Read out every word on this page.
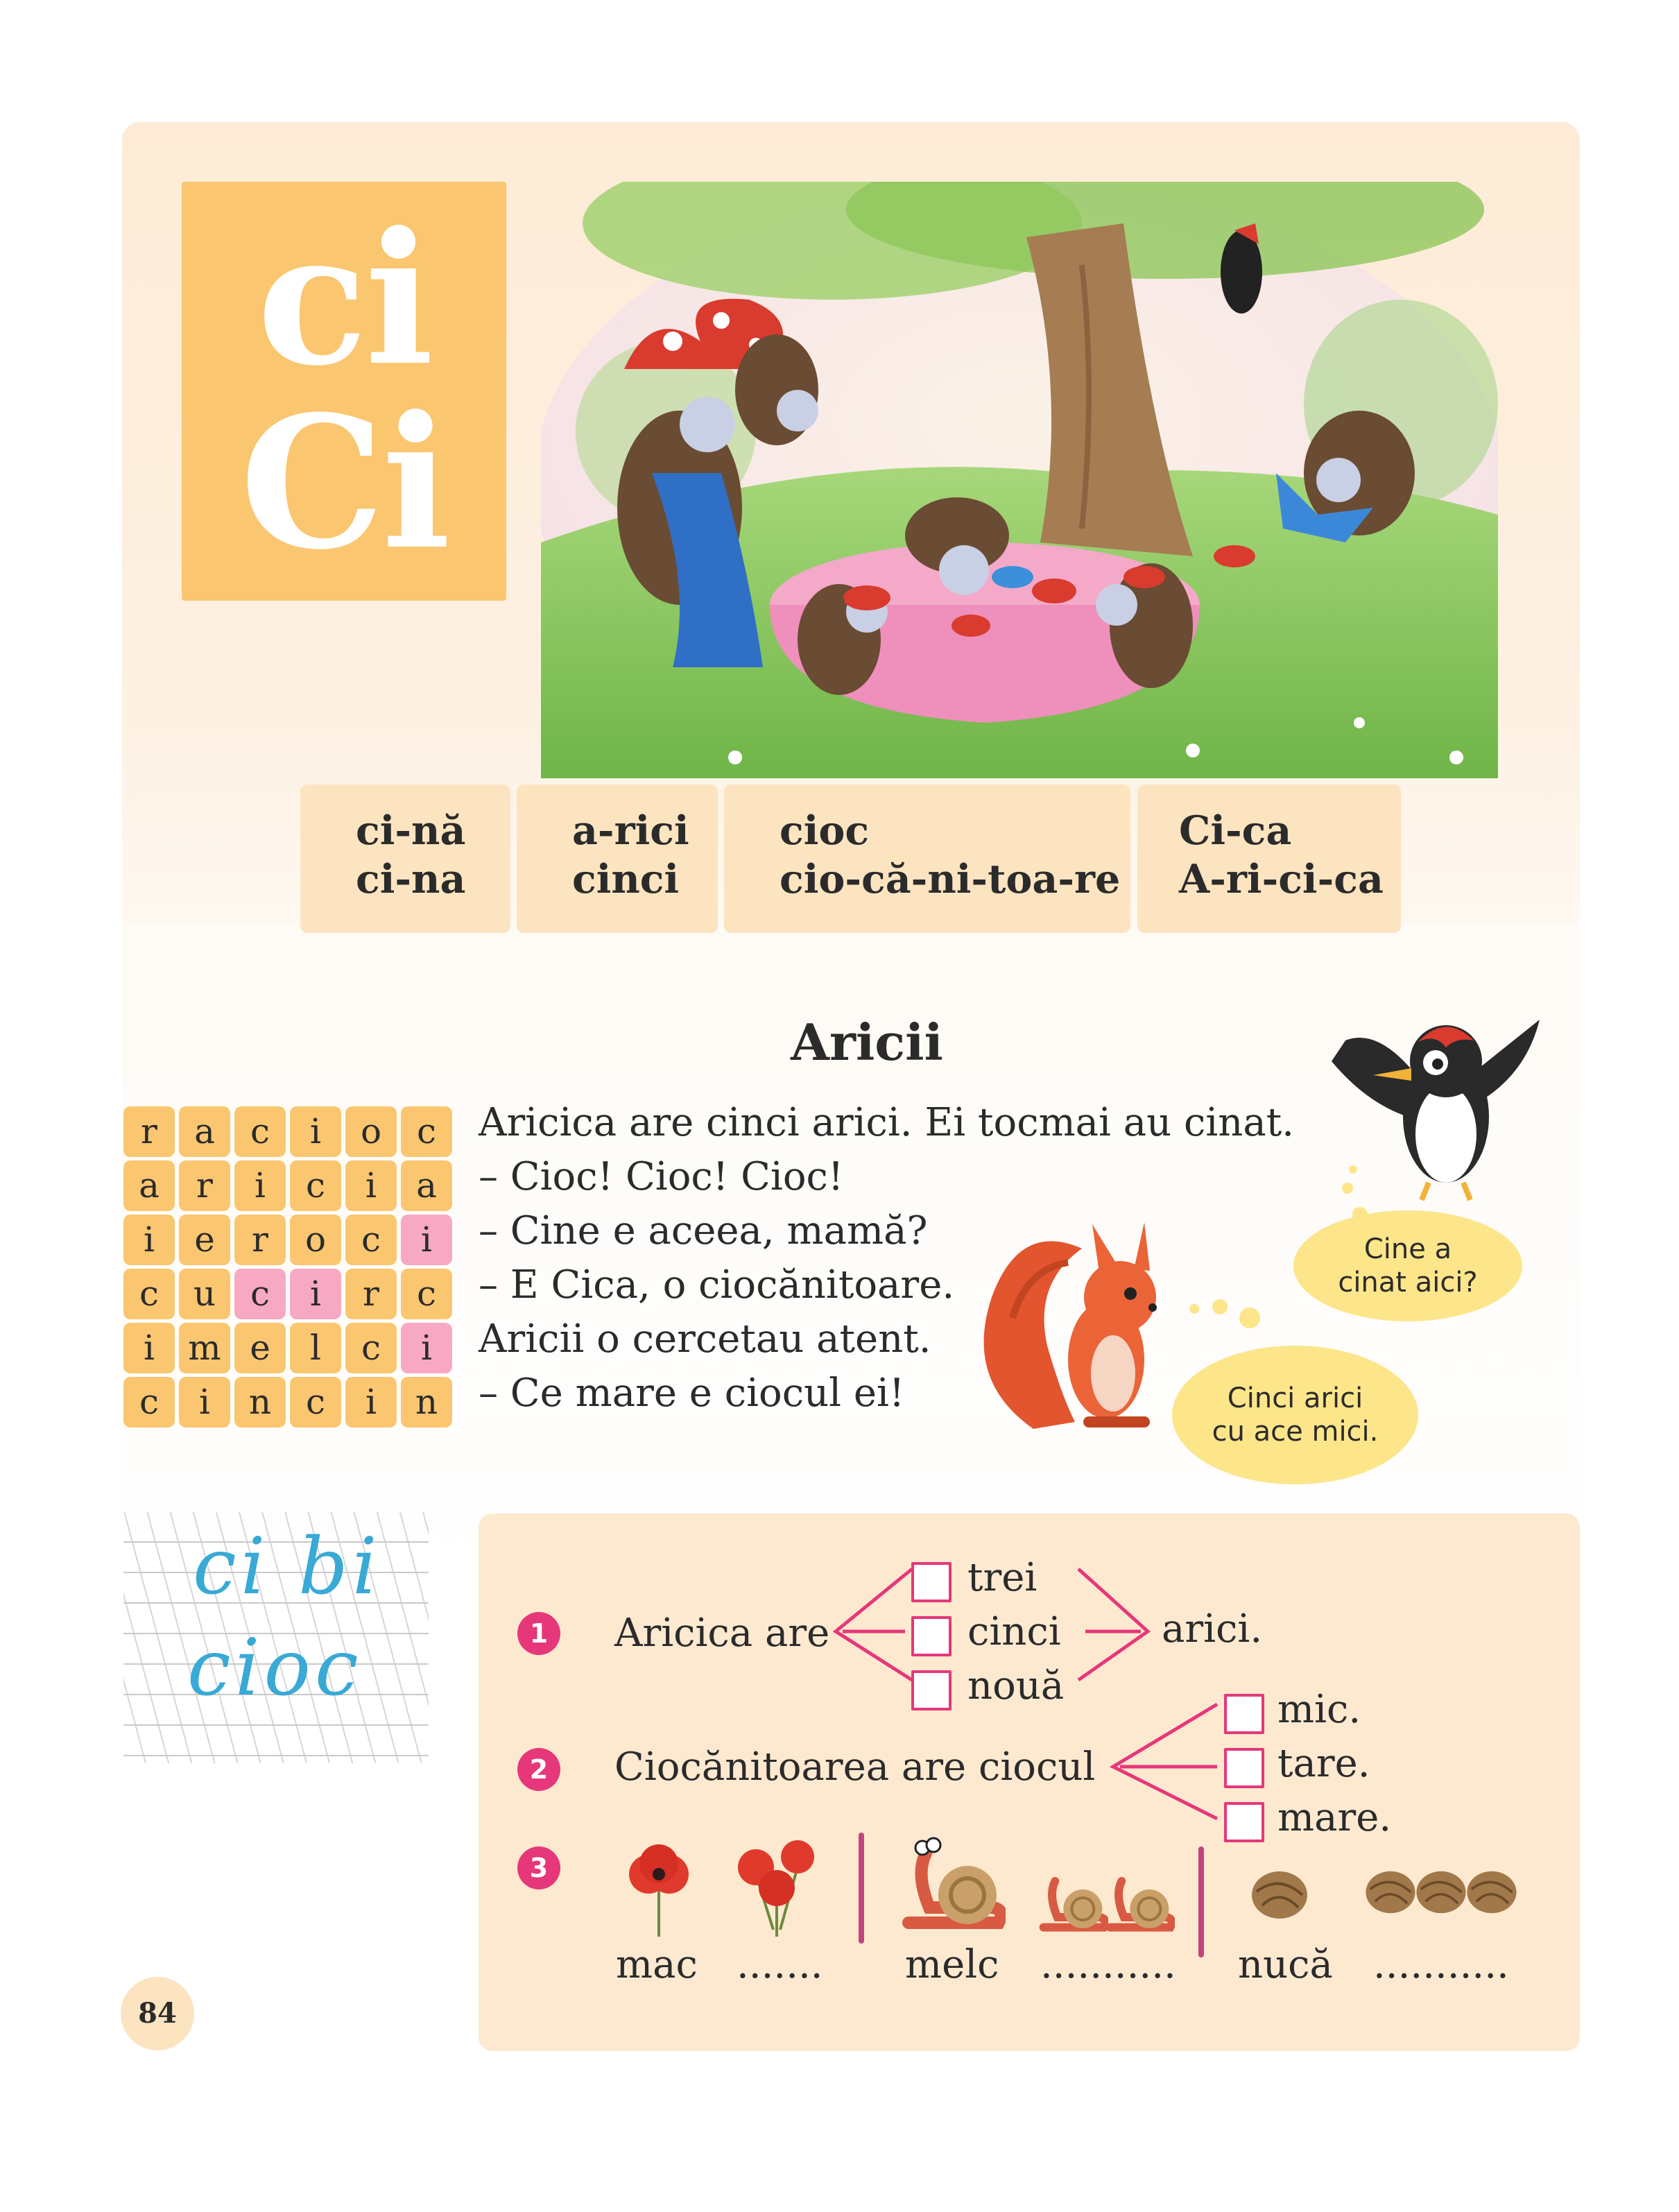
ci
Ci
ci-nă
ci-na
a-rici
cinci
cioc
cio-că-ni-toa-re
Ci-ca
A-ri-ci-ca
Aricii
r	a	c	i	o	c
a	r	i	c	i	a
i	e	r	o	c	i
c u c	i	r	c
i m e	l	c	i
c	i	n c	i	n
Aricica are cinci arici. Ei tocmai au cinat.
– Cioc! Cioc! Cioc!
– Cine e aceea, mamă?
– E Cica, o ciocănitoare.
Aricii o cercetau atent.
– Ce mare e ciocul ei!
Cine a
cinat aici?
Cinci arici
cu ace mici.
ci bi
cioc	1	Aricica are
trei
cinci
nouă
arici.
2	Ciocănitoarea are ciocul
mic.
tare.
mare.
3
mac ....... melc ........... nucă ...........
84
